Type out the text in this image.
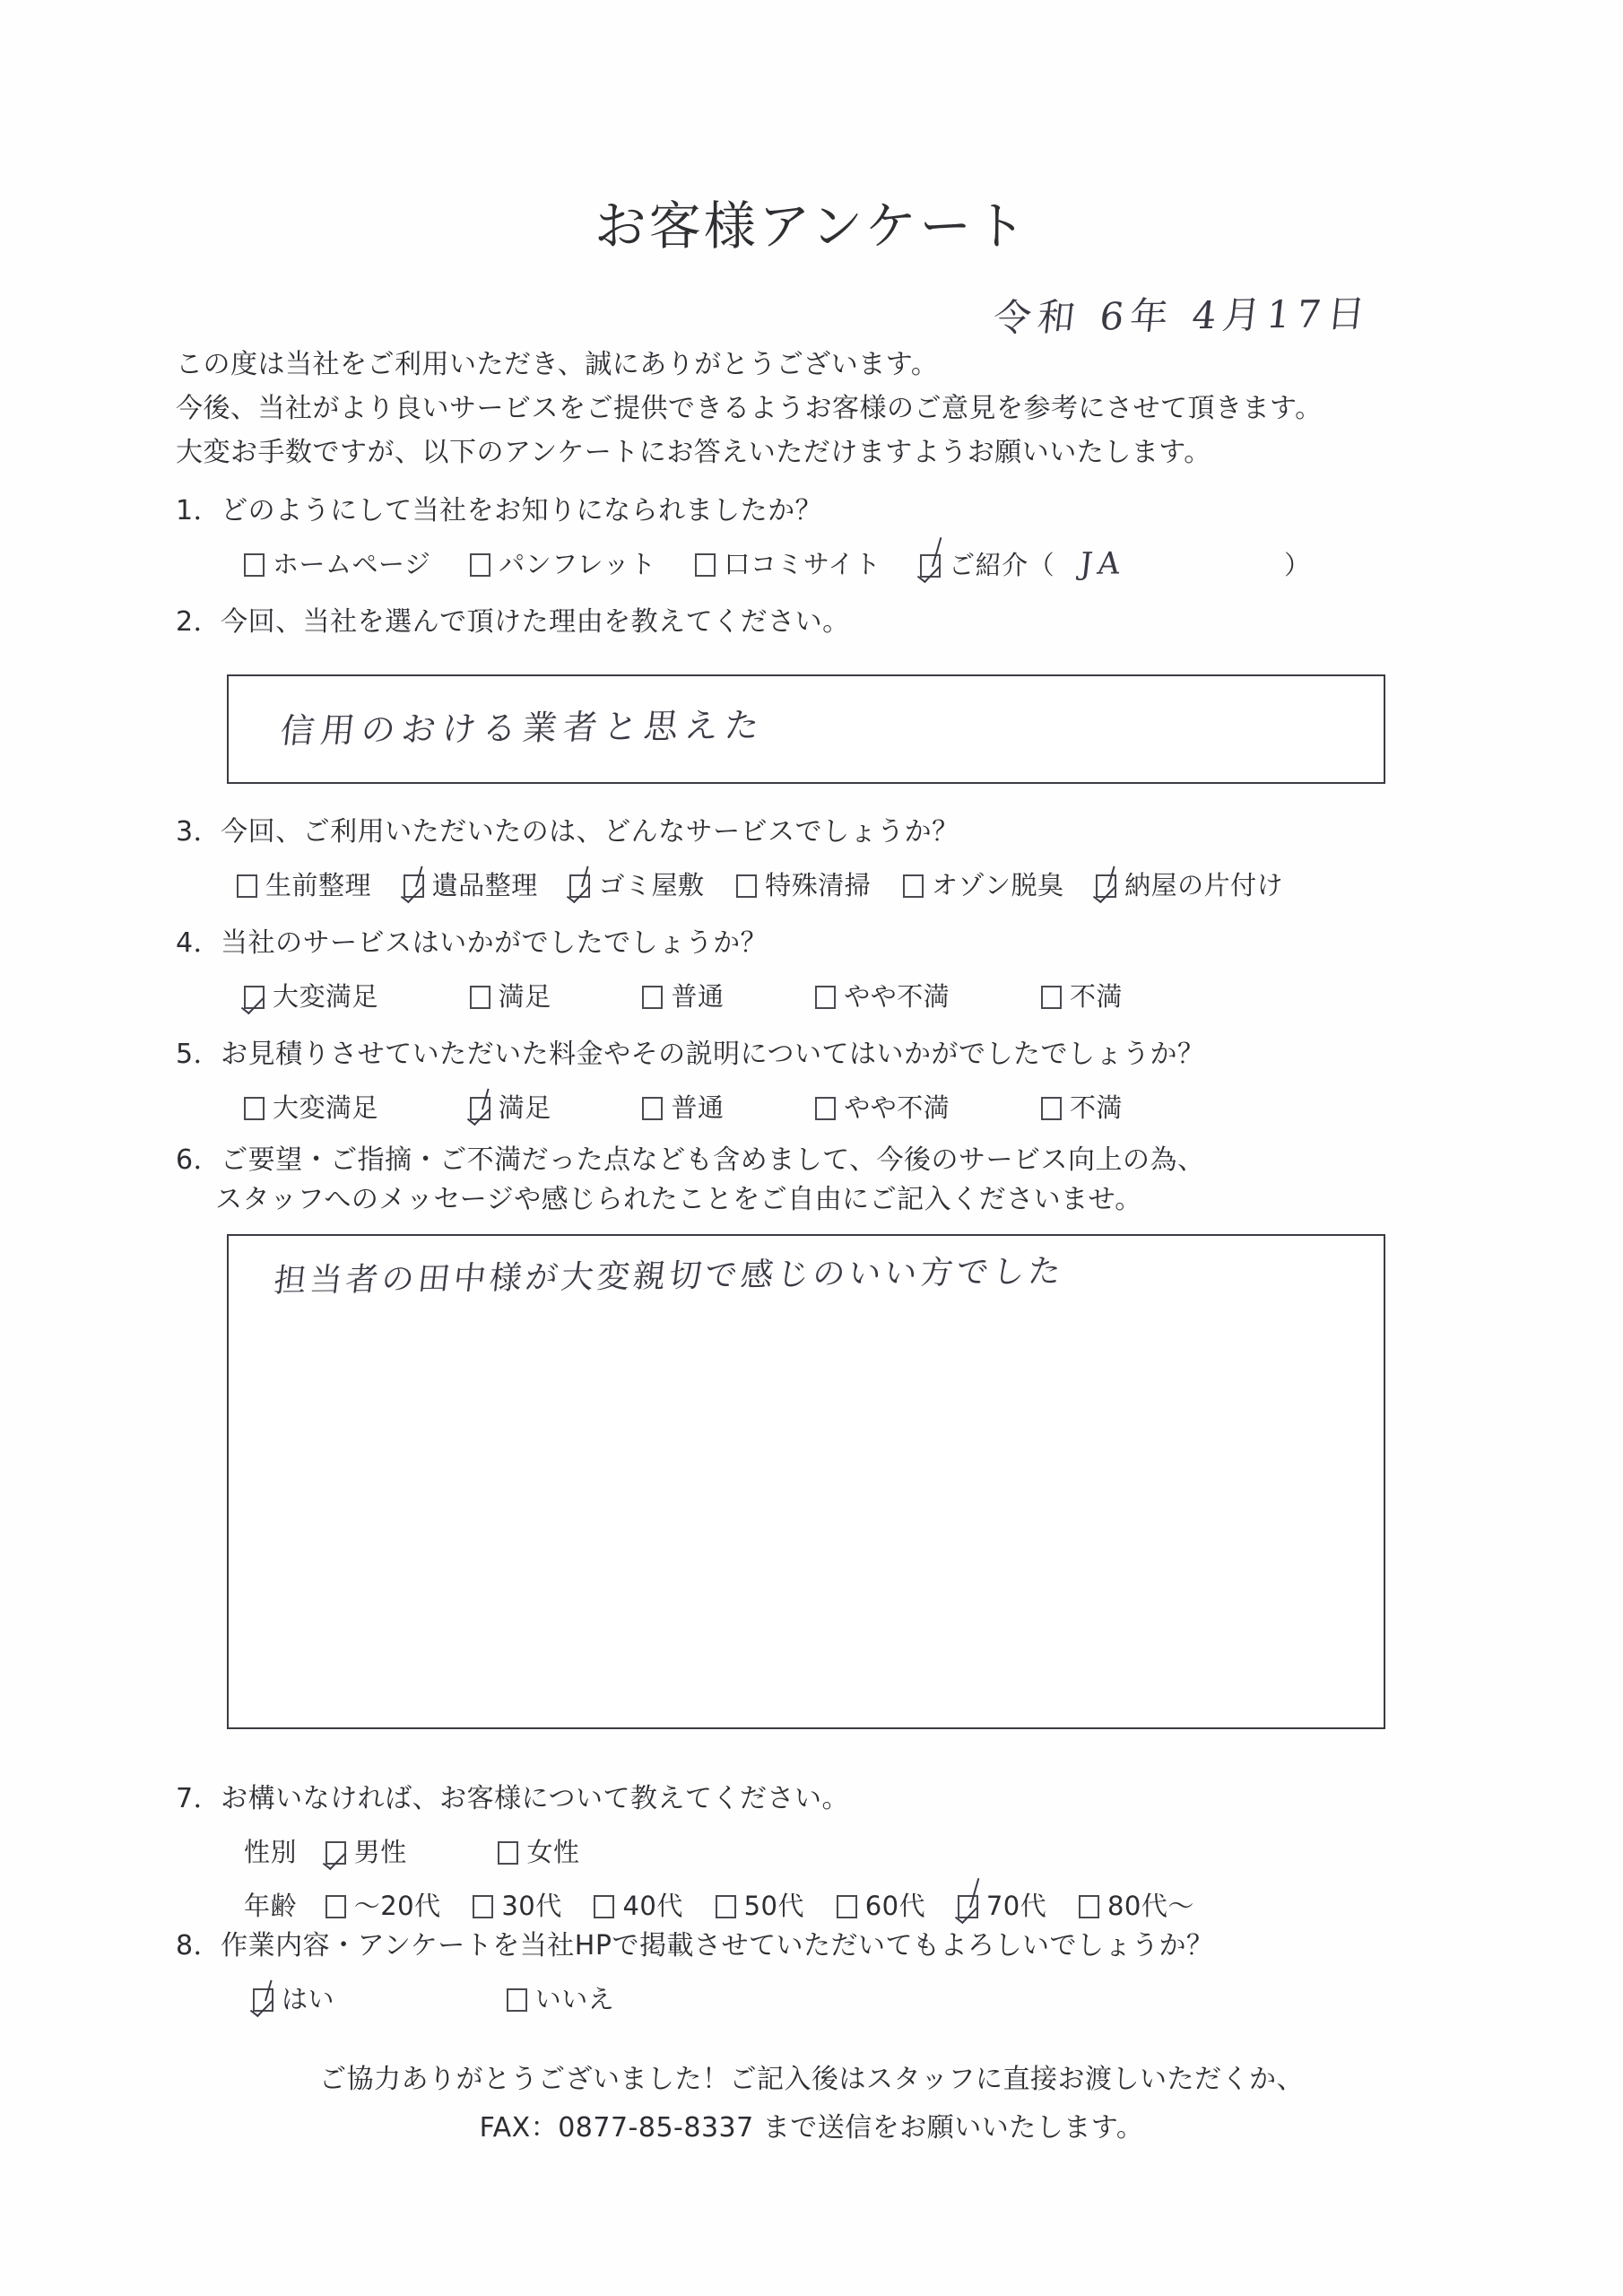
お客様アンケート
令和 6年 4月17日
この度は当社をご利用いただき、誠にありがとうございます。
今後、当社がより良いサービスをご提供できるようお客様のご意見を参考にさせて頂きます。
大変お手数ですが、以下のアンケートにお答えいただけますようお願いいたします。
1．どのようにして当社をお知りになられましたか？
ホームページ	パンフレット	口コミサイト	ご紹介（ JA	）
2．今回、当社を選んで頂けた理由を教えてください。
信用のおける業者と思えた
3．今回、ご利用いただいたのは、どんなサービスでしょうか？
生前整理 遺品整理 ゴミ屋敷 特殊清掃 オゾン脱臭 納屋の片付け
4．当社のサービスはいかがでしたでしょうか？
大変満足	満足	普通	やや不満	不満
5．お見積りさせていただいた料金やその説明についてはいかがでしたでしょうか？
大変満足	満足	普通	やや不満	不満
6．ご要望・ご指摘・ご不満だった点なども含めまして、今後のサービス向上の為、
スタッフへのメッセージや感じられたことをご自由にご記入くださいませ。
担当者の田中様が大変親切で感じのいい方でした
7．お構いなければ、お客様について教えてください。
性別 男性	女性
年齢 ～20代 30代 40代 50代 60代 70代 80代～
8．作業内容・アンケートを当社HPで掲載させていただいてもよろしいでしょうか？
はい	いいえ
ご協力ありがとうございました！ご記入後はスタッフに直接お渡しいただくか、
FAX：0877-85-8337 まで送信をお願いいたします。
